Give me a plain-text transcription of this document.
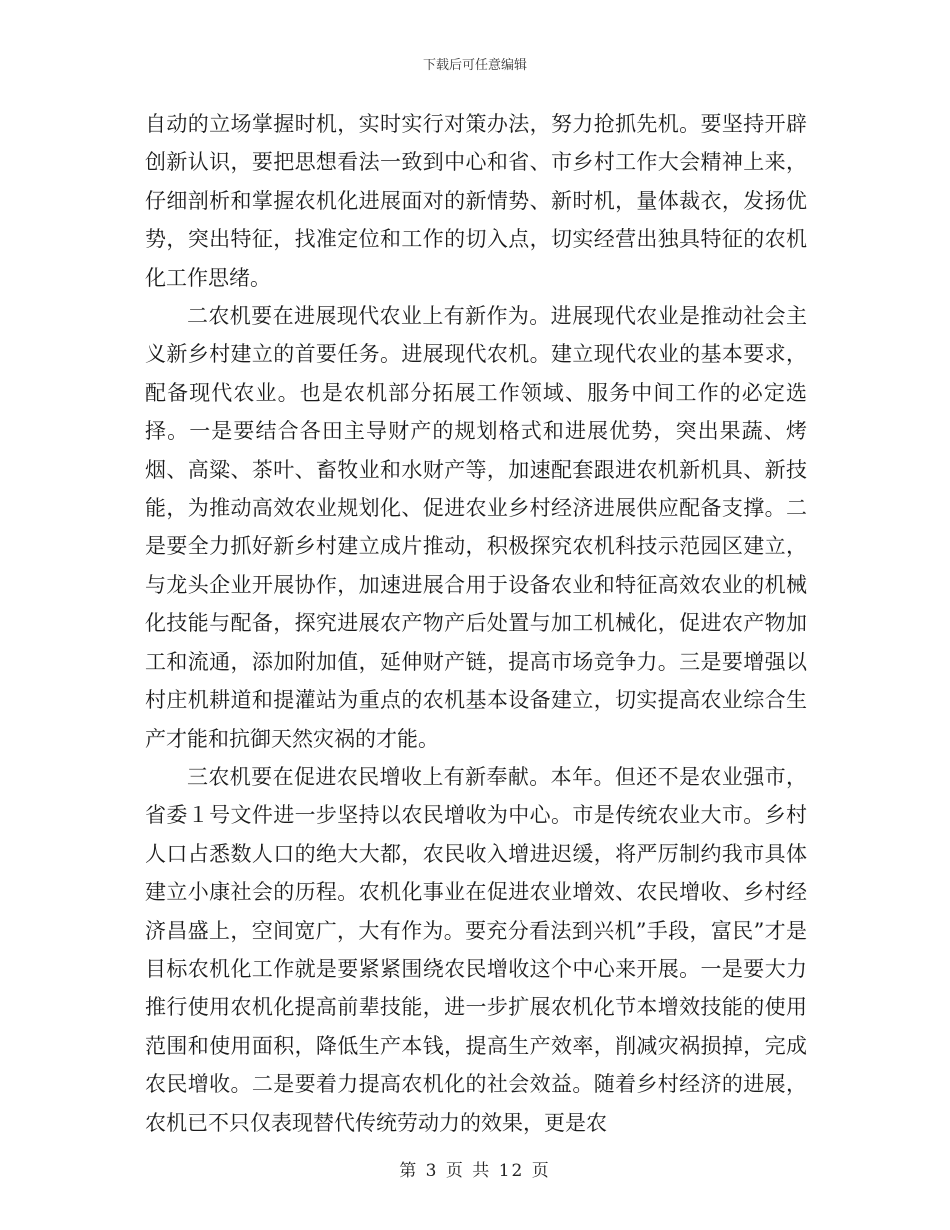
下载后可任意编辑

自动的立场掌握时机，实时实行对策办法，努力抢抓先机。要坚持开辟创新认识，要把思想看法一致到中心和省、市乡村工作大会精神上来，仔细剖析和掌握农机化进展面对的新情势、新时机，量体裁衣，发扬优势，突出特征，找准定位和工作的切入点，切实经营出独具特征的农机化工作思绪。

二农机要在进展现代农业上有新作为。进展现代农业是推动社会主义新乡村建立的首要任务。进展现代农机。建立现代农业的基本要求，配备现代农业。也是农机部分拓展工作领域、服务中间工作的必定选择。一是要结合各田主导财产的规划格式和进展优势，突出果蔬、烤烟、高粱、茶叶、畜牧业和水财产等，加速配套跟进农机新机具、新技能，为推动高效农业规划化、促进农业乡村经济进展供应配备支撑。二是要全力抓好新乡村建立成片推动，积极探究农机科技示范园区建立，与龙头企业开展协作，加速进展合用于设备农业和特征高效农业的机械化技能与配备，探究进展农产物产后处置与加工机械化，促进农产物加工和流通，添加附加值，延伸财产链，提高市场竞争力。三是要增强以村庄机耕道和提灌站为重点的农机基本设备建立，切实提高农业综合生产才能和抗御天然灾祸的才能。

三农机要在促进农民增收上有新奉献。本年。但还不是农业强市，省委１号文件进一步坚持以农民增收为中心。市是传统农业大市。乡村人口占悉数人口的绝大大都，农民收入增进迟缓，将严厉制约我市具体建立小康社会的历程。农机化事业在促进农业增效、农民增收、乡村经济昌盛上，空间宽广，大有作为。要充分看法到兴机”手段，富民”才是目标农机化工作就是要紧紧围绕农民增收这个中心来开展。一是要大力推行使用农机化提高前辈技能，进一步扩展农机化节本增效技能的使用范围和使用面积，降低生产本钱，提高生产效率，削减灾祸损掉，完成农民增收。二是要着力提高农机化的社会效益。随着乡村经济的进展，农机已不只仅表现替代传统劳动力的效果，更是农

第 3 页 共 12 页
